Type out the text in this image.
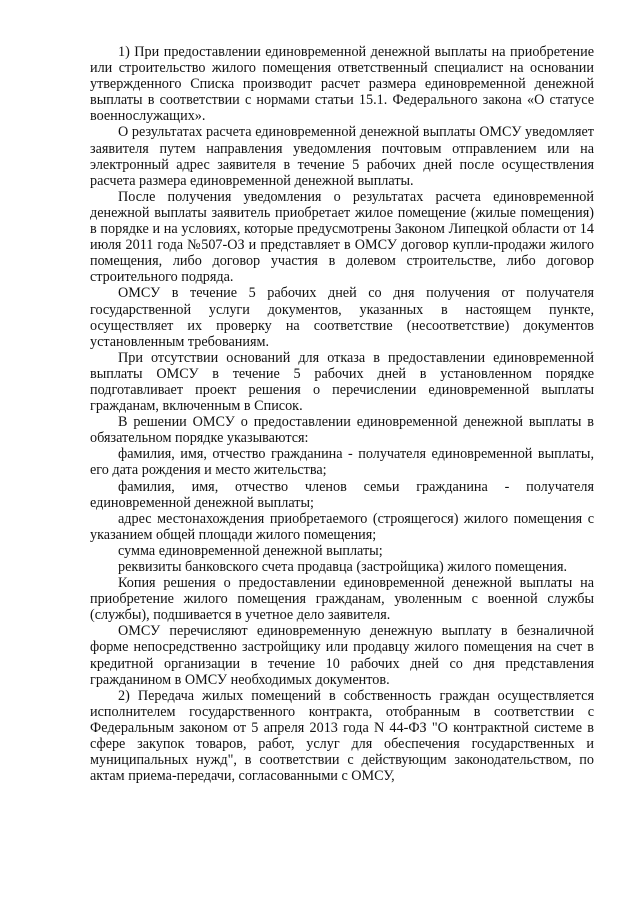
1) При предоставлении единовременной денежной выплаты на приобретение или строительство жилого помещения ответственный специалист на основании утвержденного Списка производит расчет размера единовременной денежной выплаты в соответствии с нормами статьи 15.1. Федерального закона «О статусе военнослужащих».

О результатах расчета единовременной денежной выплаты ОМСУ уведомляет заявителя путем направления уведомления почтовым отправлением или на электронный адрес заявителя в течение 5 рабочих дней после осуществления расчета размера единовременной денежной выплаты.

После получения уведомления о результатах расчета единовременной денежной выплаты заявитель приобретает жилое помещение (жилые помещения) в порядке и на условиях, которые предусмотрены Законом Липецкой области от 14 июля 2011 года №507-ОЗ и представляет в ОМСУ договор купли-продажи жилого помещения, либо договор участия в долевом строительстве, либо договор строительного подряда.

ОМСУ в течение 5 рабочих дней со дня получения от получателя государственной услуги документов, указанных в настоящем пункте, осуществляет их проверку на соответствие (несоответствие) документов установленным требованиям.

При отсутствии оснований для отказа в предоставлении единовременной выплаты ОМСУ в течение 5 рабочих дней в установленном порядке подготавливает проект решения о перечислении единовременной выплаты гражданам, включенным в Список.

В решении ОМСУ о предоставлении единовременной денежной выплаты в обязательном порядке указываются:

фамилия, имя, отчество гражданина - получателя единовременной выплаты, его дата рождения и место жительства;

фамилия, имя, отчество членов семьи гражданина - получателя единовременной денежной выплаты;

адрес местонахождения приобретаемого (строящегося) жилого помещения с указанием общей площади жилого помещения;

сумма единовременной денежной выплаты;

реквизиты банковского счета продавца (застройщика) жилого помещения.

Копия решения о предоставлении единовременной денежной выплаты на приобретение жилого помещения гражданам, уволенным с военной службы (службы), подшивается в учетное дело заявителя.

ОМСУ перечисляют единовременную денежную выплату в безналичной форме непосредственно застройщику или продавцу жилого помещения на счет в кредитной организации в течение 10 рабочих дней со дня представления гражданином в ОМСУ необходимых документов.

2) Передача жилых помещений в собственность граждан осуществляется исполнителем государственного контракта, отобранным в соответствии с Федеральным законом от 5 апреля 2013 года N 44-ФЗ "О контрактной системе в сфере закупок товаров, работ, услуг для обеспечения государственных и муниципальных нужд", в соответствии с действующим законодательством, по актам приема-передачи, согласованными с ОМСУ,
